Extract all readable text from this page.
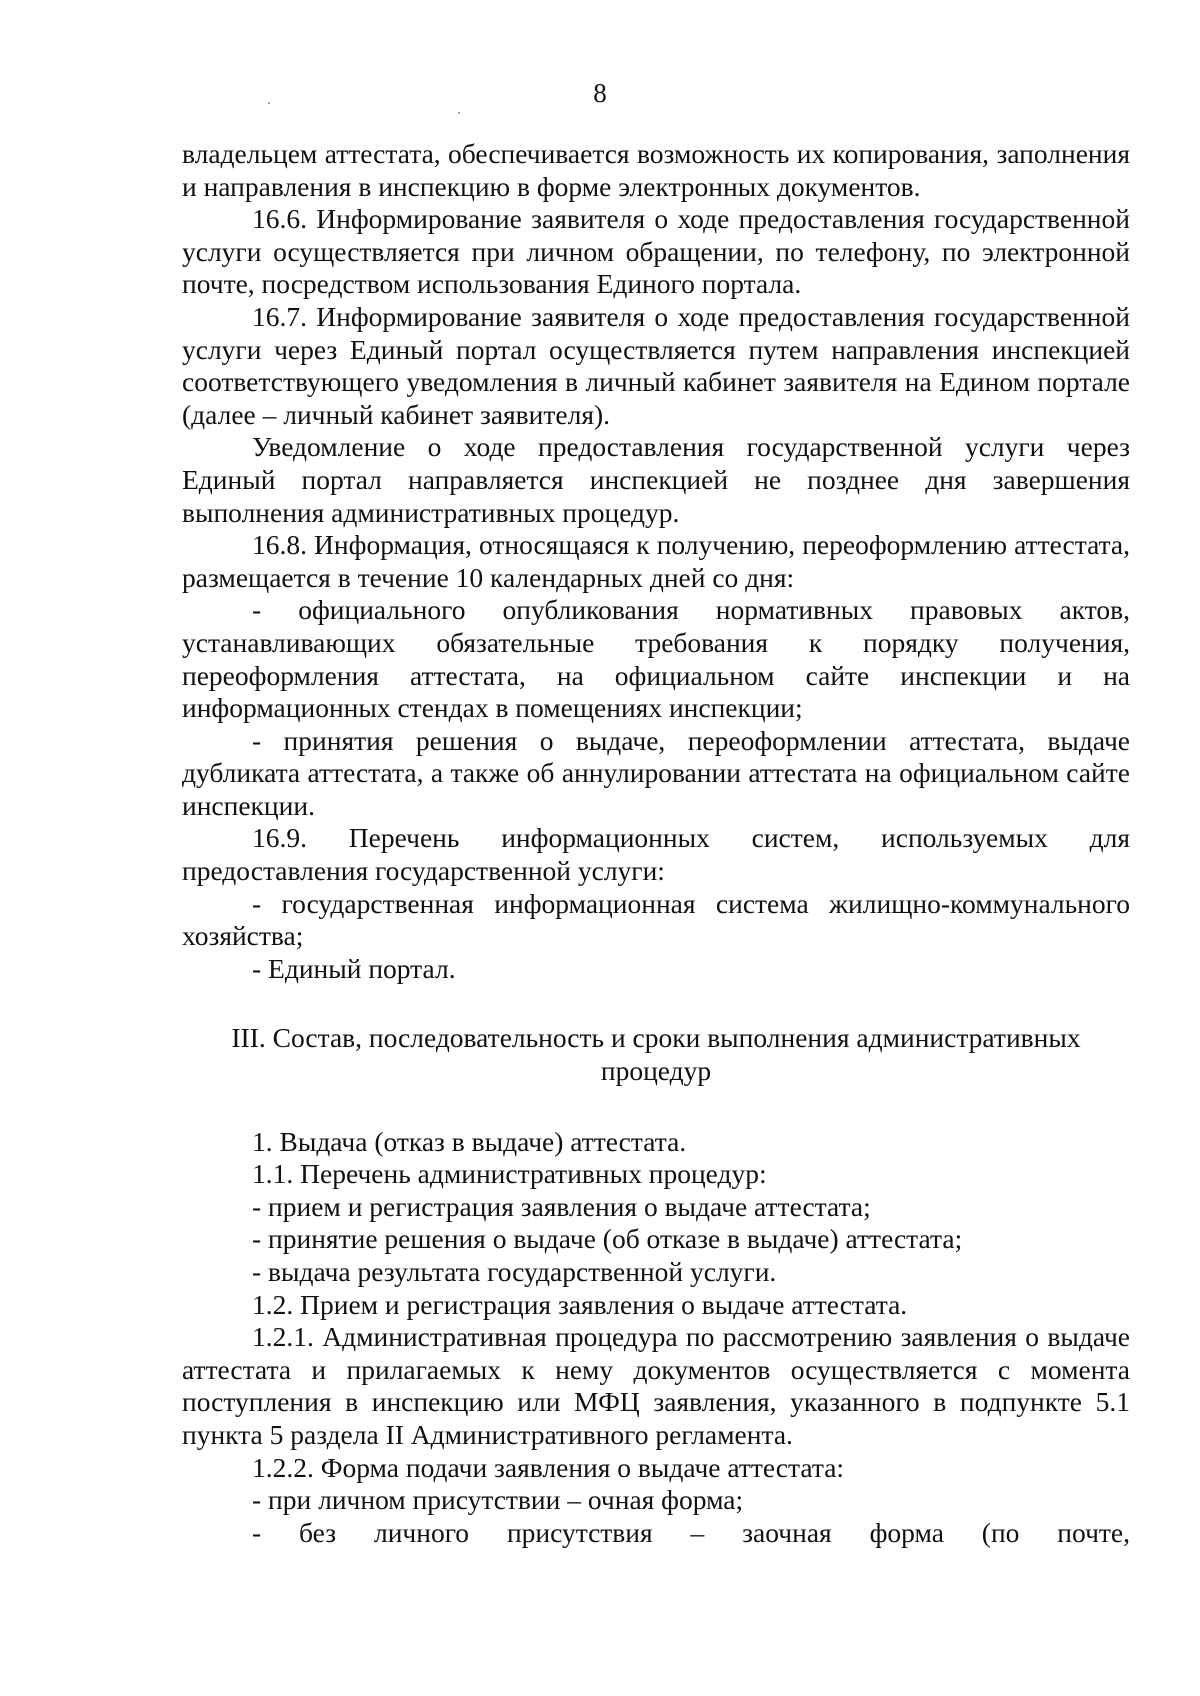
8

владельцем аттестата, обеспечивается возможность их копирования, заполнения и направления в инспекцию в форме электронных документов.

16.6. Информирование заявителя о ходе предоставления государственной услуги осуществляется при личном обращении, по телефону, по электронной почте, посредством использования Единого портала.

16.7. Информирование заявителя о ходе предоставления государственной услуги через Единый портал осуществляется путем направления инспекцией соответствующего уведомления в личный кабинет заявителя на Едином портале (далее – личный кабинет заявителя).

Уведомление о ходе предоставления государственной услуги через Единый портал направляется инспекцией не позднее дня завершения выполнения административных процедур.

16.8. Информация, относящаяся к получению, переоформлению аттестата, размещается в течение 10 календарных дней со дня:

- официального опубликования нормативных правовых актов, устанавливающих обязательные требования к порядку получения, переоформления аттестата, на официальном сайте инспекции и на информационных стендах в помещениях инспекции;

- принятия решения о выдаче, переоформлении аттестата, выдаче дубликата аттестата, а также об аннулировании аттестата на официальном сайте инспекции.

16.9. Перечень информационных систем, используемых для предоставления государственной услуги:

- государственная информационная система жилищно-коммунального хозяйства;

- Единый портал.

III. Состав, последовательность и сроки выполнения административных процедур

1. Выдача (отказ в выдаче) аттестата.

1.1. Перечень административных процедур:

- прием и регистрация заявления о выдаче аттестата;

- принятие решения о выдаче (об отказе в выдаче) аттестата;

- выдача результата государственной услуги.

1.2. Прием и регистрация заявления о выдаче аттестата.

1.2.1. Административная процедура по рассмотрению заявления о выдаче аттестата и прилагаемых к нему документов осуществляется с момента поступления в инспекцию или МФЦ заявления, указанного в подпункте 5.1 пункта 5 раздела II Административного регламента.

1.2.2. Форма подачи заявления о выдаче аттестата:

- при личном присутствии – очная форма;

- без личного присутствия – заочная форма (по почте,
